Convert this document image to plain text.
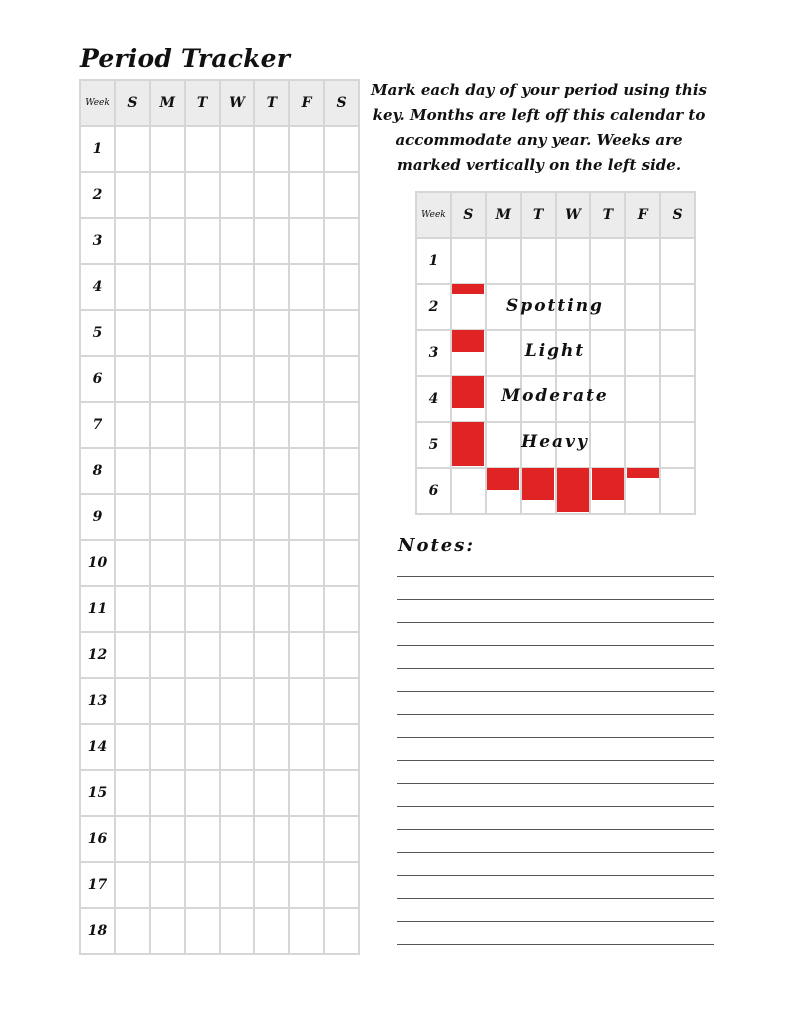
Period Tracker
Week	S	M	T	W	T	F	S
1							
2							
3							
4							
5							
6							
7							
8							
9							
10							
11							
12							
13							
14							
15							
16							
17							
18							
Mark each day of your period using this key. Months are left off this calendar to accommodate any year. Weeks are marked vertically on the left side.
Week	S	M	T	W	T	F	S
1							
2							
3							
4							
5							
6							
Spotting
Light
Moderate
Heavy
Notes:
